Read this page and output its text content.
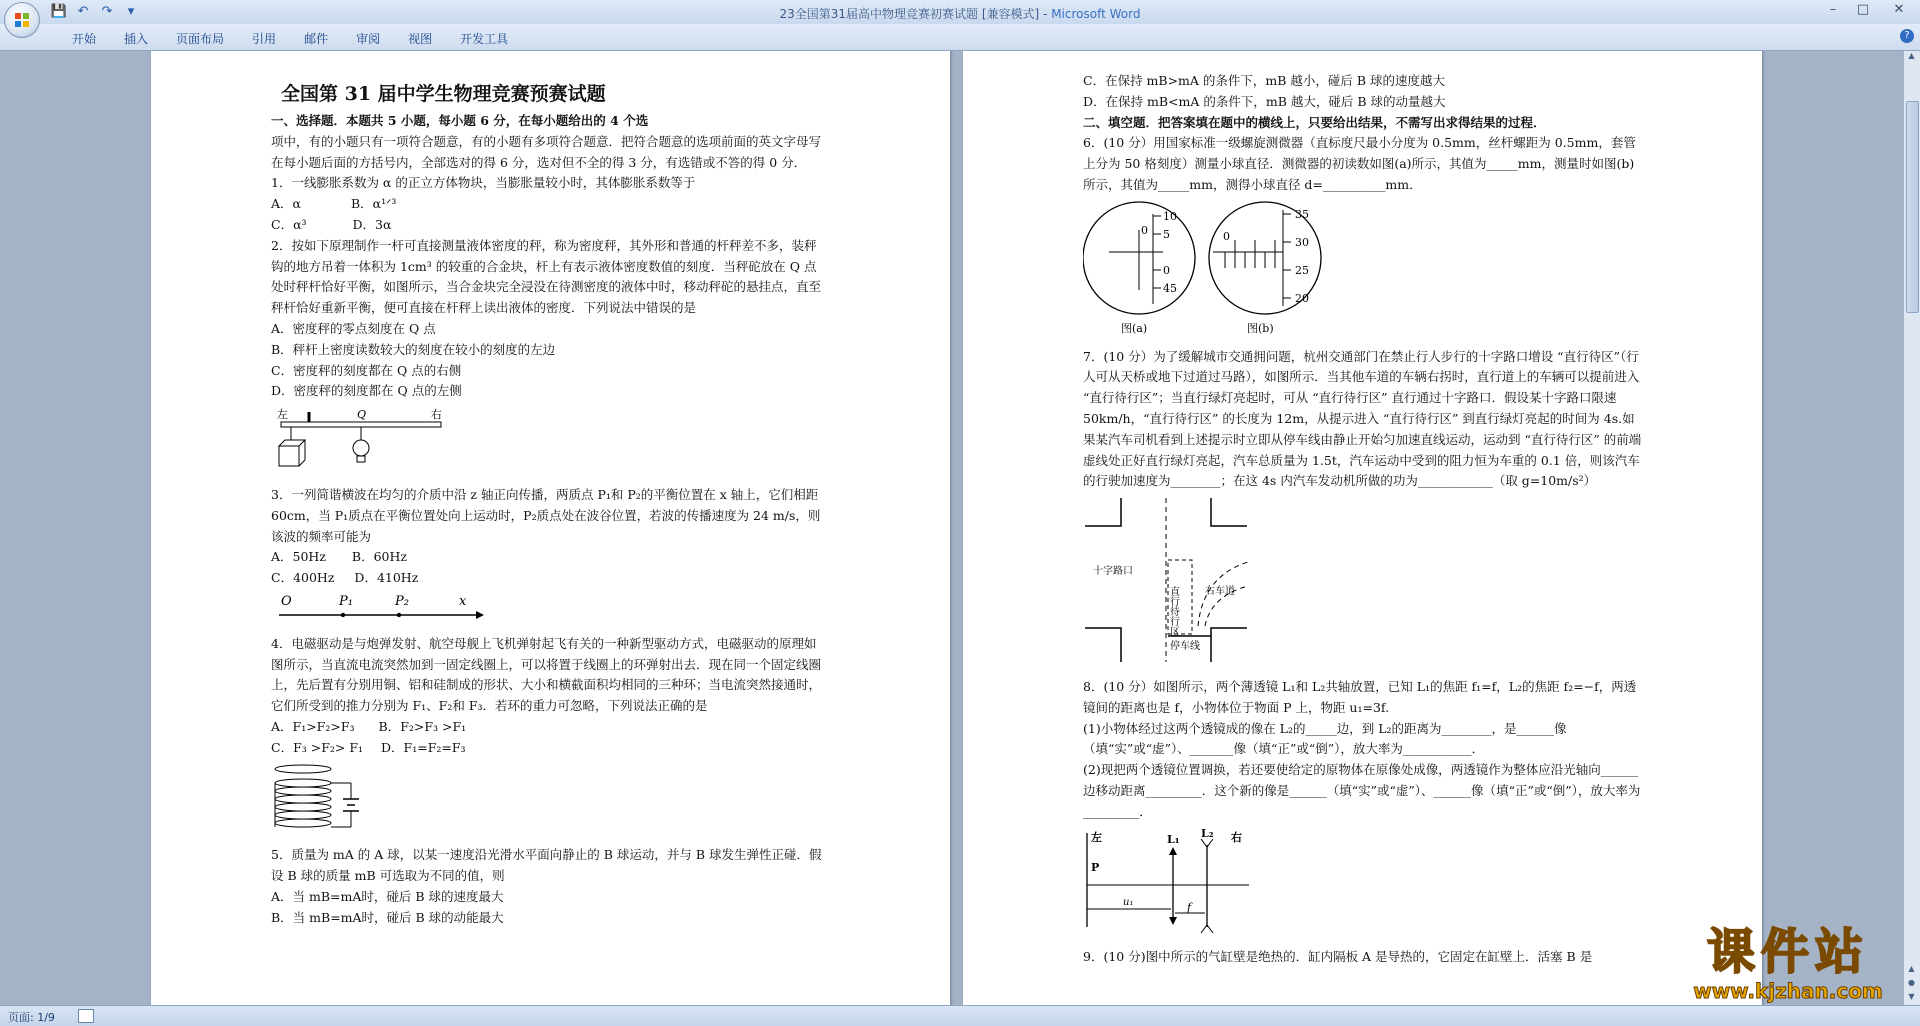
💾 ↶ ↷	▾	23全国第31届高中物理竞赛初赛试题 [兼容模式] - Microsoft Word	–	□	✕
开始	插入	页面布局	引用	邮件	审阅	视图	开发工具	?

全国第 31 届中学生物理竞赛预赛试题

一、选择题．本题共 5 小题，每小题 6 分，在每小题给出的 4 个选

项中，有的小题只有一项符合题意，有的小题有多项符合题意．把符合题意的选项前面的英文字母写在每小题后面的方括号内，全部选对的得 6 分，选对但不全的得 3 分，有选错或不答的得 0 分．

1．一线膨胀系数为 α 的正立方体物块，当膨胀量较小时，其体膨胀系数等于

A．α	B．α¹ᐟ³

C．α³	D．3α

2．按如下原理制作一杆可直接测量液体密度的秤，称为密度秤，其外形和普通的杆秤差不多，装秤钩的地方吊着一体积为 1cm³ 的较重的合金块，杆上有表示液体密度数值的刻度．当秤砣放在 Q 点处时秤杆恰好平衡，如图所示，当合金块完全浸没在待测密度的液体中时，移动秤砣的悬挂点，直至秤杆恰好重新平衡，便可直接在杆秤上读出液体的密度．下列说法中错误的是

A．密度秤的零点刻度在 Q 点

B．秤杆上密度读数较大的刻度在较小的刻度的左边

C．密度秤的刻度都在 Q 点的右侧

D．密度秤的刻度都在 Q 点的左侧

左	Q	右

3．一列简谐横波在均匀的介质中沿 z 轴正向传播，两质点 P₁和 P₂的平衡位置在 x 轴上，它们相距 60cm，当 P₁质点在平衡位置处向上运动时，P₂质点处在波谷位置，若波的传播速度为 24 m/s，则该波的频率可能为

A．50Hz B．60Hz

C．400Hz D．410Hz

O	P₁	P₂	x

4．电磁驱动是与炮弹发射、航空母舰上飞机弹射起飞有关的一种新型驱动方式，电磁驱动的原理如图所示，当直流电流突然加到一固定线圈上，可以将置于线圈上的环弹射出去．现在同一个固定线圈上，先后置有分别用铜、铝和硅制成的形状、大小和横截面积均相同的三种环；当电流突然接通时，它们所受到的推力分别为 F₁、F₂和 F₃．若环的重力可忽略，下列说法正确的是

A．F₁>F₂>F₃ B．F₂>F₃ >F₁

C．F₃ >F₂> F₁ D．F₁=F₂=F₃

5．质量为 mA 的 A 球，以某一速度沿光滑水平面向静止的 B 球运动，并与 B 球发生弹性正碰．假设 B 球的质量 mB 可选取为不同的值，则

A．当 mB=mA时，碰后 B 球的速度最大

B．当 mB=mA时，碰后 B 球的动能最大

C．在保持 mB>mA 的条件下，mB 越小，碰后 B 球的速度越大

D．在保持 mB<mA 的条件下，mB 越大，碰后 B 球的动量越大

二、填空题．把答案填在题中的横线上，只要给出结果，不需写出求得结果的过程．

6．(10 分）用国家标准一级螺旋测微器（直标度尺最小分度为 0.5mm，丝杆螺距为 0.5mm，套管上分为 50 格刻度）测量小球直径．测微器的初读数如图(a)所示，其值为_____mm，测量时如图(b)所示，其值为_____mm，测得小球直径 d=__________mm．

10
5
0
0
45
图(a)
0
35
30
25
20
图(b)

7．(10 分）为了缓解城市交通拥问题，杭州交通部门在禁止行人步行的十字路口增设 “直行待区”（行人可从天桥或地下过道过马路），如图所示．当其他车道的车辆右拐时，直行道上的车辆可以提前进入 “直行待行区”；当直行绿灯亮起时，可从 “直行待行区” 直行通过十字路口．假设某十字路口限速 50km/h，“直行待行区” 的长度为 12m，从提示进入 “直行待行区” 到直行绿灯亮起的时间为 4s.如果某汽车司机看到上述提示时立即从停车线由静止开始匀加速直线运动，运动到 “直行待行区” 的前端虚线处正好直行绿灯亮起，汽车总质量为 1.5t，汽车运动中受到的阻力恒为车重的 0.1 倍，则该汽车的行驶加速度为________；在这 4s 内汽车发动机所做的功为____________（取 g=10m/s²）

十字路口
直行待行区	右车道
停车线

8．(10 分）如图所示，两个薄透镜 L₁和 L₂共轴放置，已知 L₁的焦距 f₁=f，L₂的焦距 f₂=−f，两透镜间的距离也是 f，小物体位于物面 P 上，物距 u₁=3f.

(1)小物体经过这两个透镜成的像在 L₂的_____边，到 L₂的距离为________，是______像（填“实”或“虚”）、_______像（填“正”或“倒”），放大率为___________．

(2)现把两个透镜位置调换，若还要使给定的原物体在原像处成像，两透镜作为整体应沿光轴向______边移动距离_________．这个新的像是______（填“实”或“虚”）、______像（填“正”或“倒”），放大率为_________．

左	L₁ L₂ 右
P
u₁	f

9．(10 分)图中所示的气缸壁是绝热的．缸内隔板 A 是导热的，它固定在缸壁上．活塞 B 是

▲
▲
●
▼
页面: 1/9
课件站
www.kjzhan.com
